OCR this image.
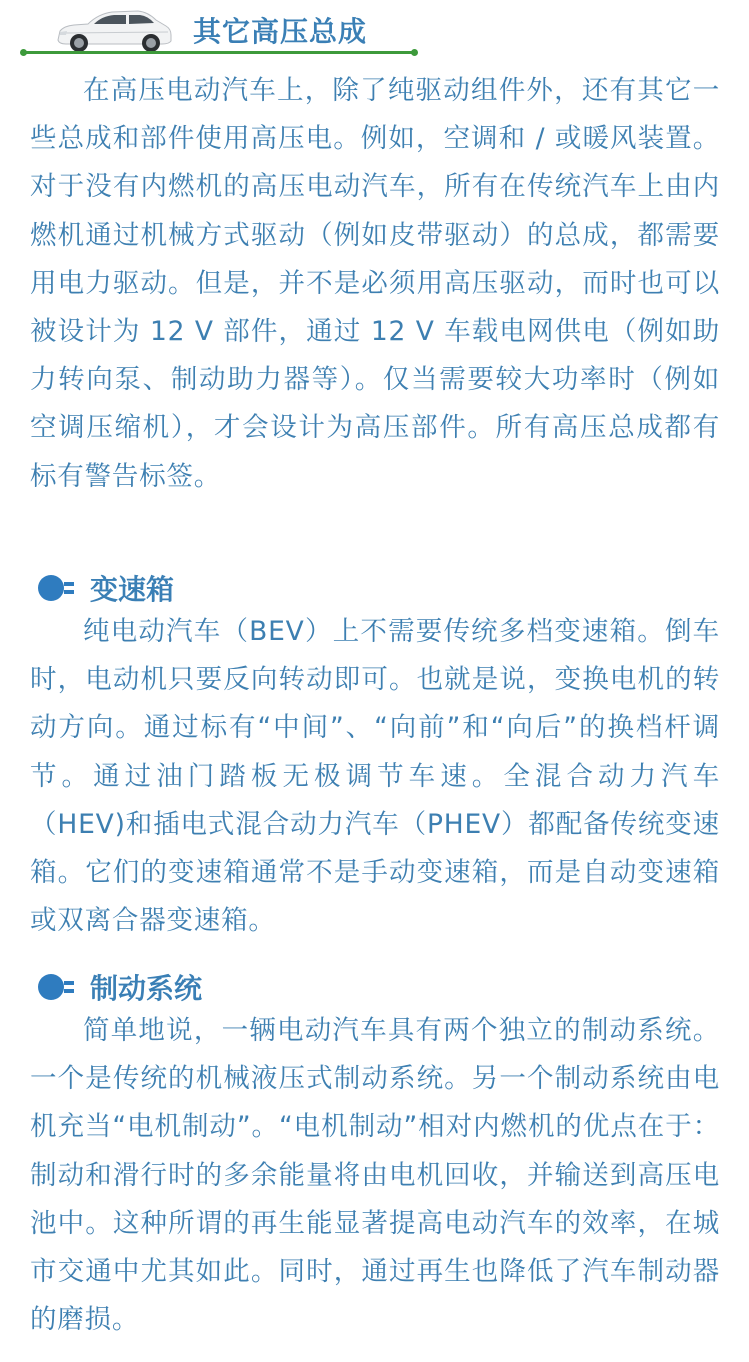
其它高压总成

在高压电动汽车上，除了纯驱动组件外，还有其它一些总成和部件使用高压电。例如，空调和 / 或暖风装置。对于没有内燃机的高压电动汽车，所有在传统汽车上由内燃机通过机械方式驱动（例如皮带驱动）的总成，都需要用电力驱动。但是，并不是必须用高压驱动，而时也可以被设计为 12 V 部件，通过 12 V 车载电网供电（例如助力转向泵、制动助力器等）。仅当需要较大功率时（例如空调压缩机），才会设计为高压部件。所有高压总成都有标有警告标签。

变速箱

纯电动汽车（BEV）上不需要传统多档变速箱。倒车时，电动机只要反向转动即可。也就是说，变换电机的转动方向。通过标有“中间”、“向前”和“向后”的换档杆调节。通过油门踏板无极调节车速。全混合动力汽车（HEV)和插电式混合动力汽车（PHEV）都配备传统变速箱。它们的变速箱通常不是手动变速箱，而是自动变速箱或双离合器变速箱。

制动系统

简单地说，一辆电动汽车具有两个独立的制动系统。一个是传统的机械液压式制动系统。另一个制动系统由电机充当“电机制动”。“电机制动”相对内燃机的优点在于：制动和滑行时的多余能量将由电机回收，并输送到高压电池中。这种所谓的再生能显著提高电动汽车的效率，在城市交通中尤其如此。同时，通过再生也降低了汽车制动器的磨损。
